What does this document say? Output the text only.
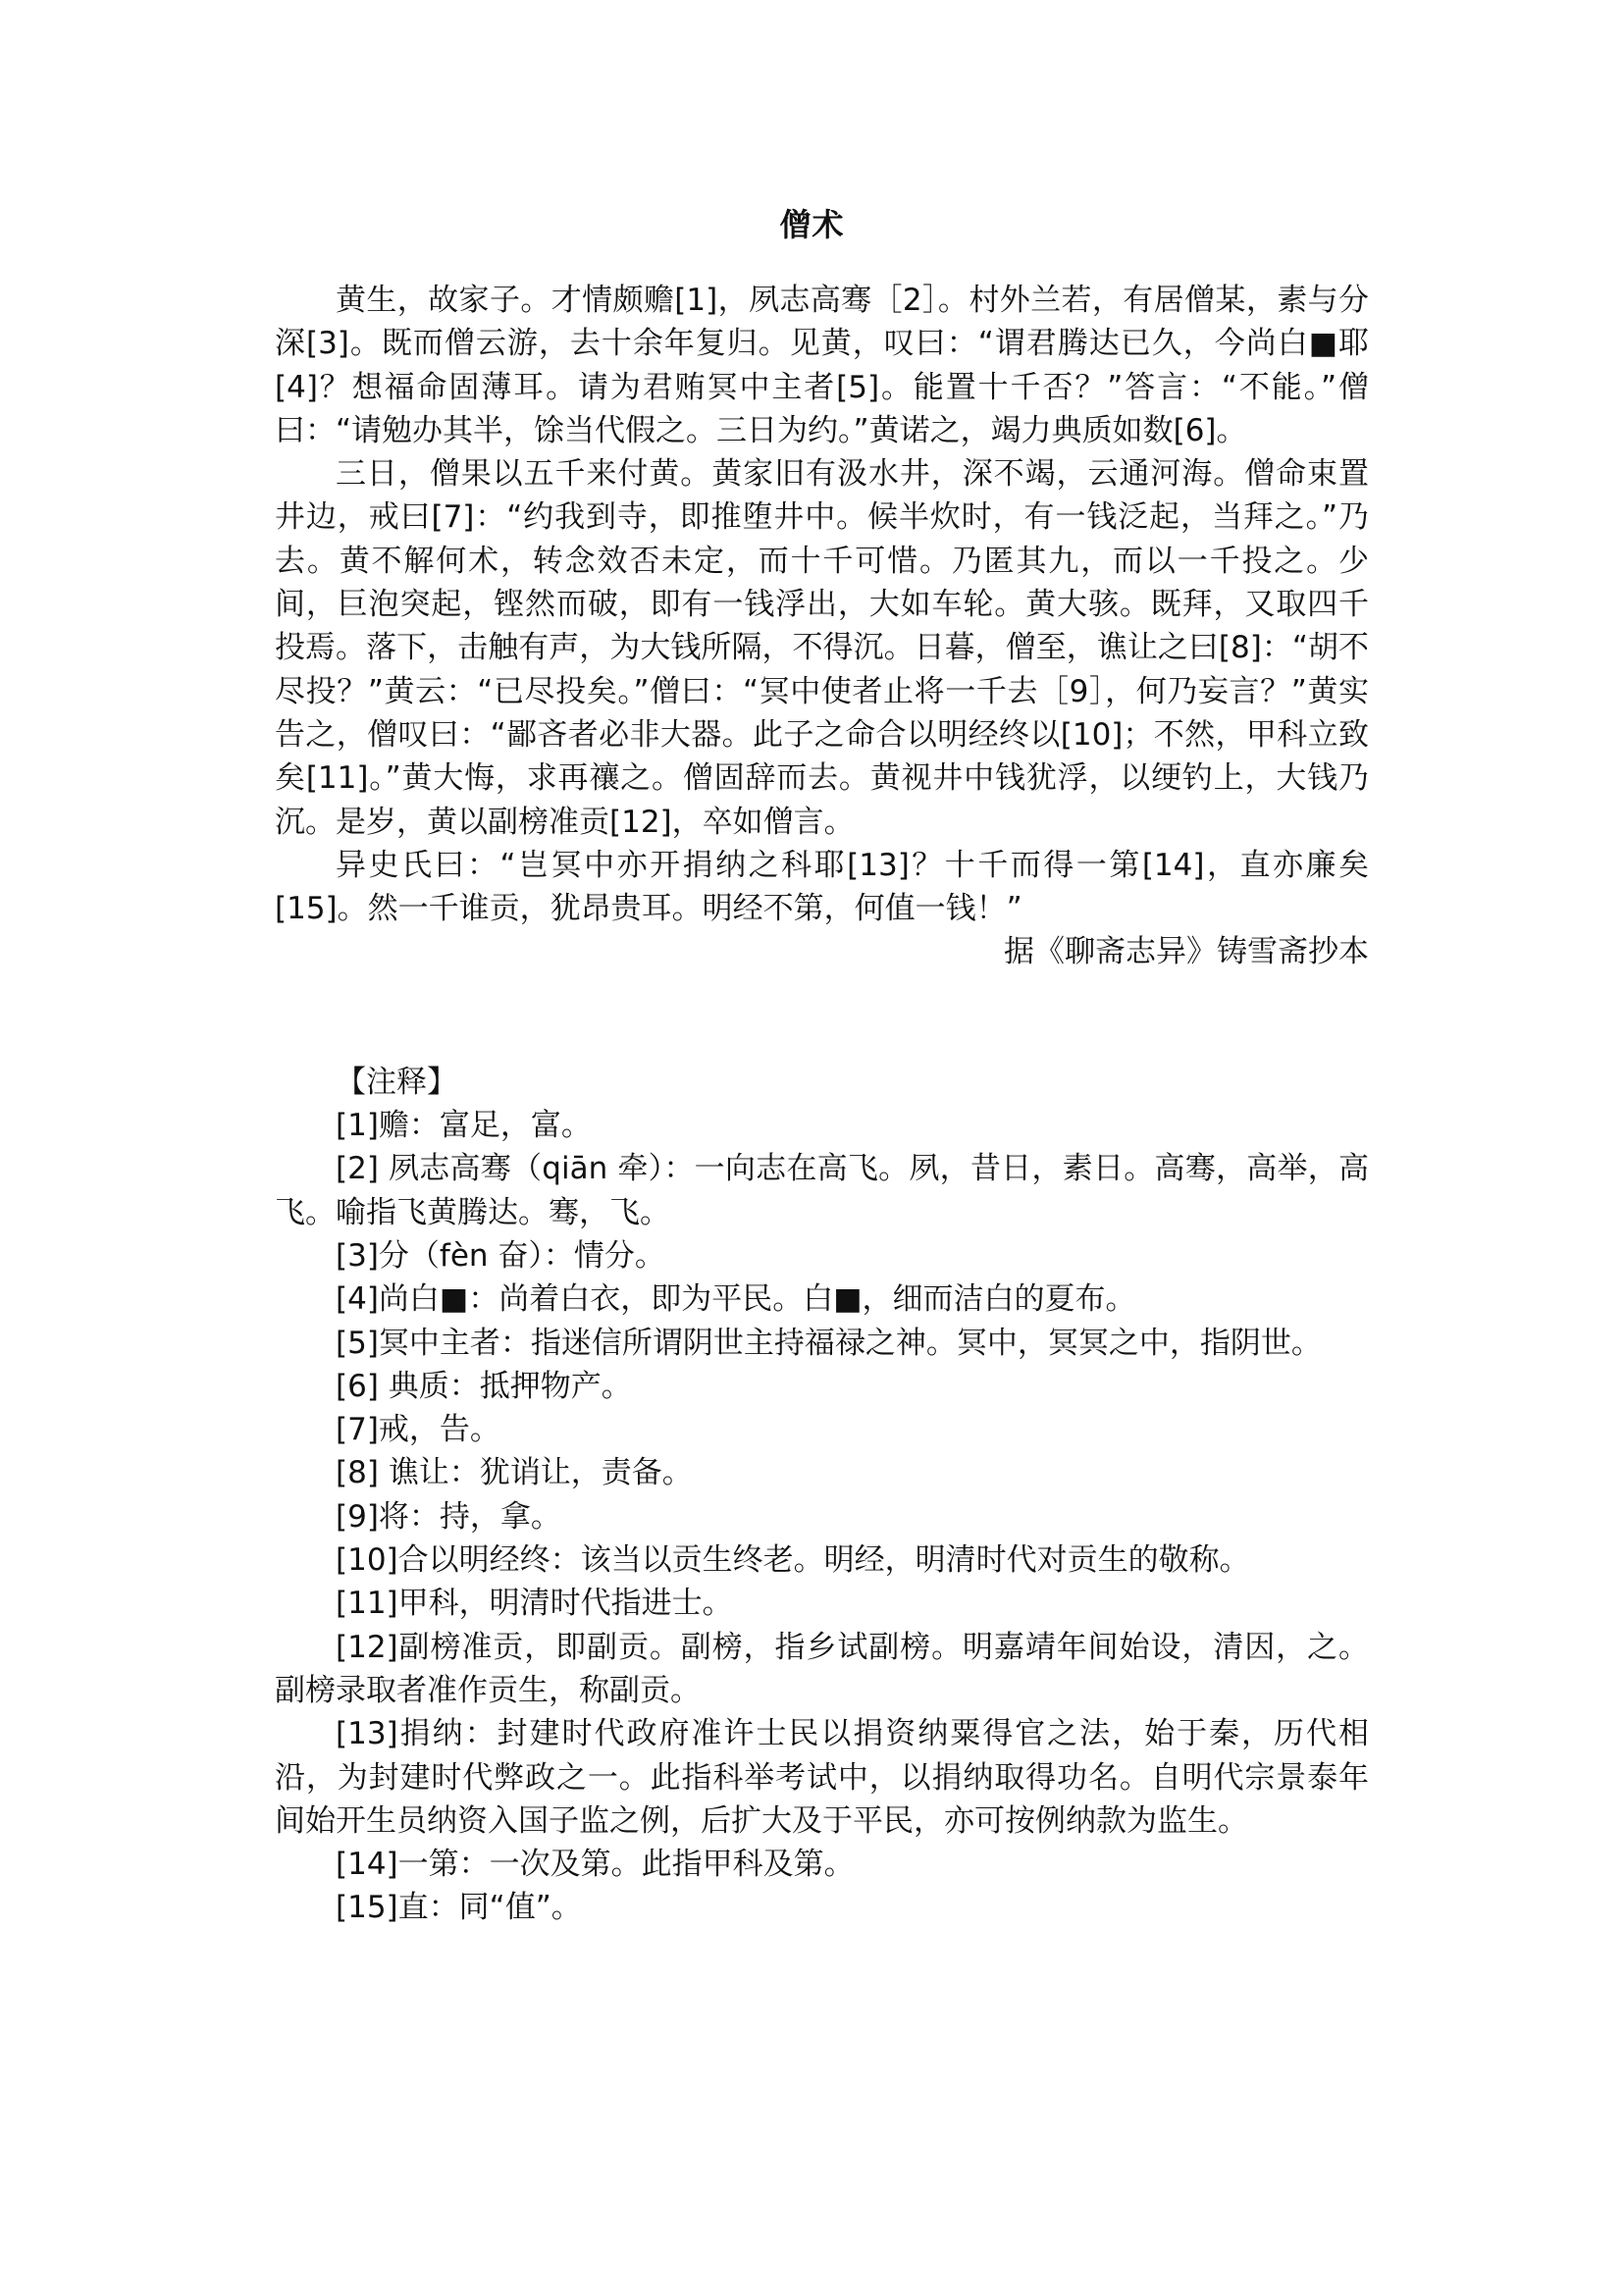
僧术

黄生，故家子。才情颇赡[1]，夙志高骞［2］。村外兰若，有居僧某，素与分深[3]。既而僧云游，去十余年复归。见黄，叹曰：“谓君腾达已久，今尚白■耶[4]？想福命固薄耳。请为君贿冥中主者[5]。能置十千否？”答言：“不能。”僧曰：“请勉办其半，馀当代假之。三日为约。”黄诺之，竭力典质如数[6]。

三日，僧果以五千来付黄。黄家旧有汲水井，深不竭，云通河海。僧命束置井边，戒曰[7]：“约我到寺，即推堕井中。候半炊时，有一钱泛起，当拜之。”乃去。黄不解何术，转念效否未定，而十千可惜。乃匿其九，而以一千投之。少间，巨泡突起，铿然而破，即有一钱浮出，大如车轮。黄大骇。既拜，又取四千投焉。落下，击触有声，为大钱所隔，不得沉。日暮，僧至，谯让之曰[8]：“胡不尽投？”黄云：“已尽投矣。”僧曰：“冥中使者止将一千去［9］，何乃妄言？”黄实告之，僧叹曰：“鄙吝者必非大器。此子之命合以明经终以[10]；不然，甲科立致矣[11]。”黄大悔，求再禳之。僧固辞而去。黄视井中钱犹浮，以绠钓上，大钱乃沉。是岁，黄以副榜准贡[12]，卒如僧言。

异史氏曰：“岂冥中亦开捐纳之科耶[13]？十千而得一第[14]，直亦廉矣[15]。然一千谁贡，犹昂贵耳。明经不第，何值一钱！”

据《聊斋志异》铸雪斋抄本
【注释】

[1]赡：富足，富。

[2] 夙志高骞（qiān 牵）：一向志在高飞。夙，昔日，素日。高骞，高举，高飞。喻指飞黄腾达。骞，飞。

[3]分（fèn 奋）：情分。

[4]尚白■：尚着白衣，即为平民。白■，细而洁白的夏布。

[5]冥中主者：指迷信所谓阴世主持福禄之神。冥中，冥冥之中，指阴世。

[6] 典质：抵押物产。

[7]戒，告。

[8] 谯让：犹诮让，责备。

[9]将：持，拿。

[10]合以明经终：该当以贡生终老。明经，明清时代对贡生的敬称。

[11]甲科，明清时代指进士。

[12]副榜准贡，即副贡。副榜，指乡试副榜。明嘉靖年间始设，清因，之。副榜录取者准作贡生，称副贡。

[13]捐纳：封建时代政府准许士民以捐资纳粟得官之法，始于秦，历代相沿，为封建时代弊政之一。此指科举考试中，以捐纳取得功名。自明代宗景泰年间始开生员纳资入国子监之例，后扩大及于平民，亦可按例纳款为监生。

[14]一第：一次及第。此指甲科及第。

[15]直：同“值”。
